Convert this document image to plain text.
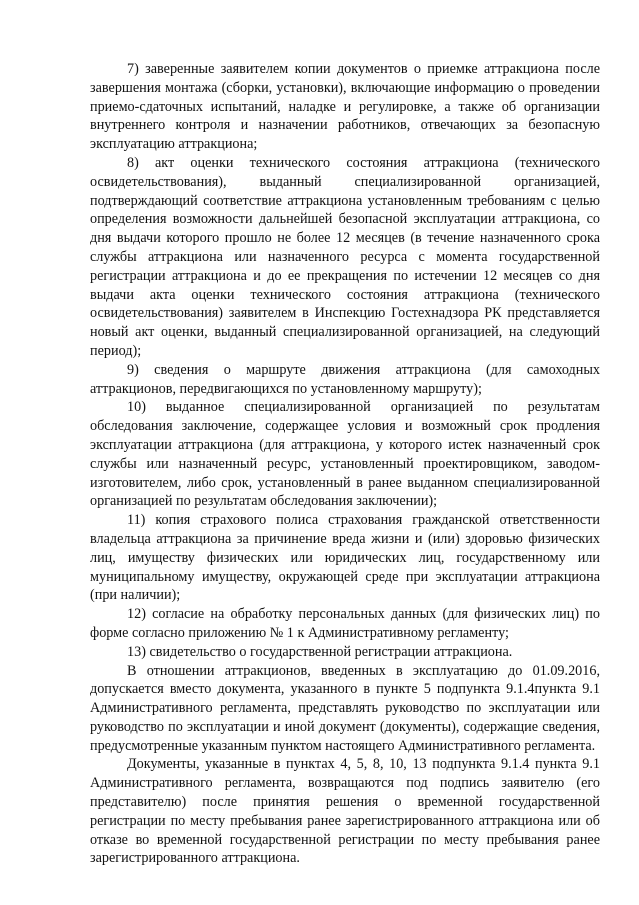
7) заверенные заявителем копии документов о приемке аттракциона после завершения монтажа (сборки, установки), включающие информацию о проведении приемо-сдаточных испытаний, наладке и регулировке, а также об организации внутреннего контроля и назначении работников, отвечающих за безопасную эксплуатацию аттракциона;

8) акт оценки технического состояния аттракциона (технического освидетельствования), выданный специализированной организацией, подтверждающий соответствие аттракциона установленным требованиям с целью определения возможности дальнейшей безопасной эксплуатации аттракциона, со дня выдачи которого прошло не более 12 месяцев (в течение назначенного срока службы аттракциона или назначенного ресурса с момента государственной регистрации аттракциона и до ее прекращения по истечении 12 месяцев со дня выдачи акта оценки технического состояния аттракциона (технического освидетельствования) заявителем в Инспекцию Гостехнадзора РК представляется новый акт оценки, выданный специализированной организацией, на следующий период);

9) сведения о маршруте движения аттракциона (для самоходных аттракционов, передвигающихся по установленному маршруту);

10) выданное специализированной организацией по результатам обследования заключение, содержащее условия и возможный срок продления эксплуатации аттракциона (для аттракциона, у которого истек назначенный срок службы или назначенный ресурс, установленный проектировщиком, заводом-изготовителем, либо срок, установленный в ранее выданном специализированной организацией по результатам обследования заключении);

11) копия страхового полиса страхования гражданской ответственности владельца аттракциона за причинение вреда жизни и (или) здоровью физических лиц, имуществу физических или юридических лиц, государственному или муниципальному имуществу, окружающей среде при эксплуатации аттракциона (при наличии);

12) согласие на обработку персональных данных (для физических лиц) по форме согласно приложению № 1 к Административному регламенту;

13) свидетельство о государственной регистрации аттракциона.

В отношении аттракционов, введенных в эксплуатацию до 01.09.2016, допускается вместо документа, указанного в пункте 5 подпункта 9.1.4пункта 9.1 Административного регламента, представлять руководство по эксплуатации или руководство по эксплуатации и иной документ (документы), содержащие сведения, предусмотренные указанным пунктом настоящего Административного регламента.

Документы, указанные в пунктах 4, 5, 8, 10, 13 подпункта 9.1.4 пункта 9.1 Административного регламента, возвращаются под подпись заявителю (его представителю) после принятия решения о временной государственной регистрации по месту пребывания ранее зарегистрированного аттракциона или об отказе во временной государственной регистрации по месту пребывания ранее зарегистрированного аттракциона.
